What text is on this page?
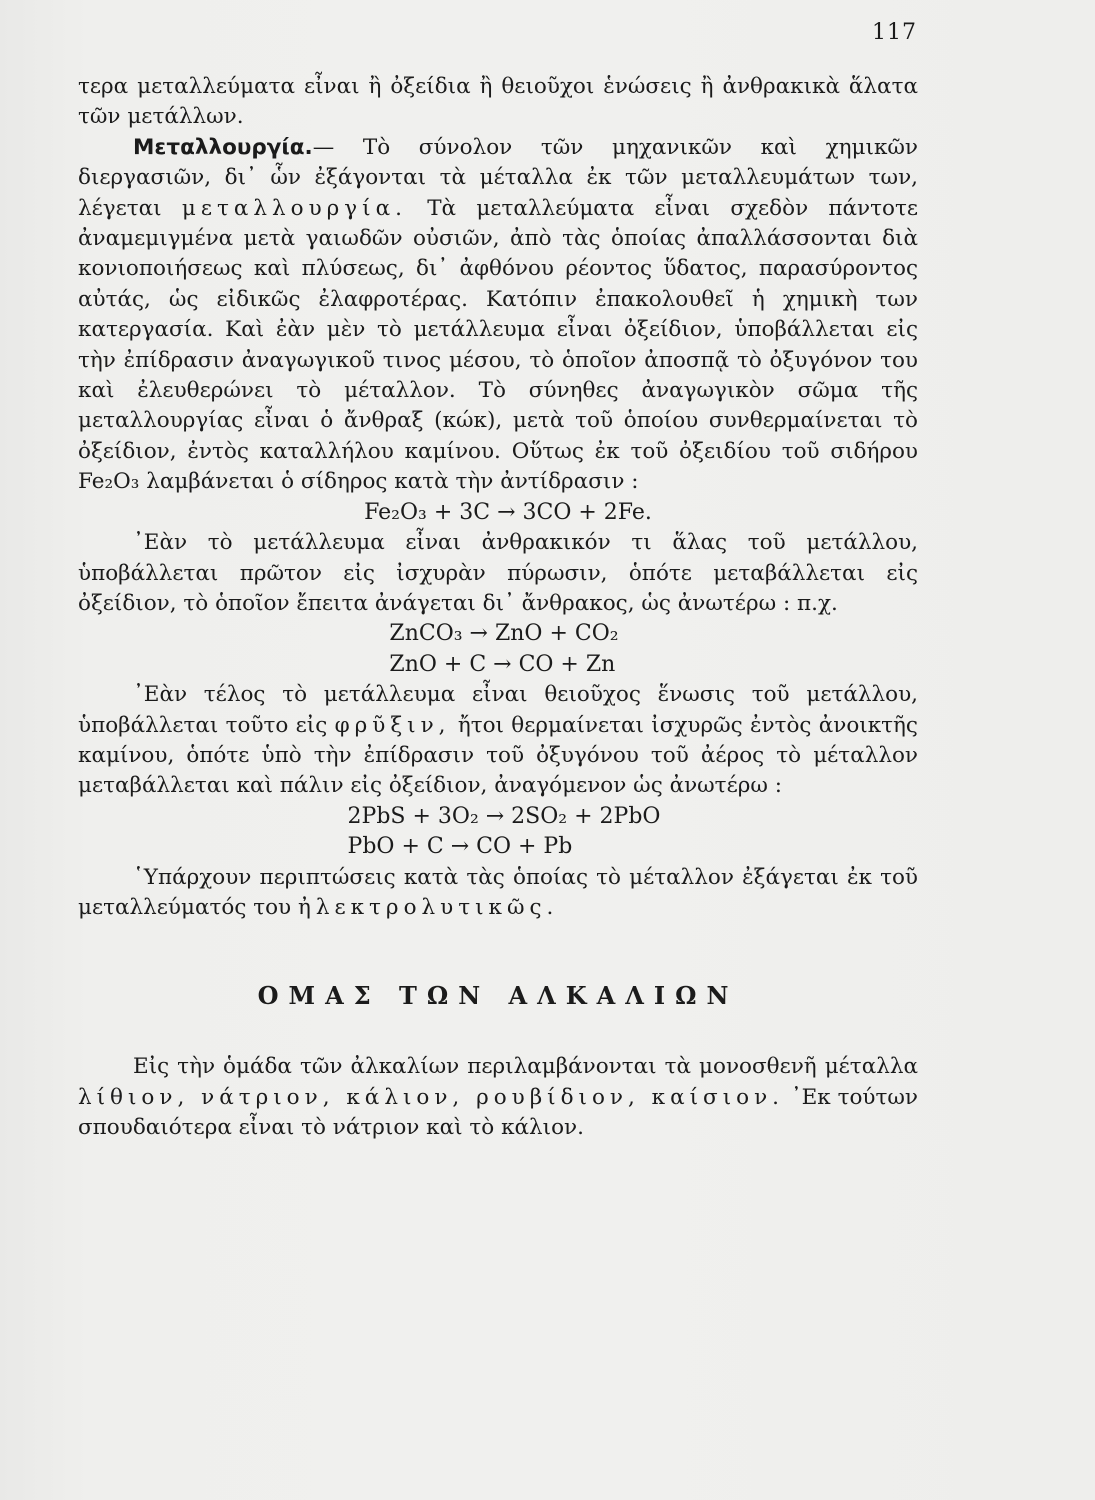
117

τερα μεταλλεύματα εἶναι ἢ ὀξείδια ἢ θειοῦχοι ἑνώσεις ἢ ἀνθρακικὰ ἅλατα τῶν μετάλλων.

Μεταλλουργία.— Τὸ σύνολον τῶν μηχανικῶν καὶ χημικῶν διεργασιῶν, δι᾽ ὧν ἐξάγονται τὰ μέταλλα ἐκ τῶν μεταλλευμάτων των, λέγεται μεταλλουργία. Τὰ μεταλλεύματα εἶναι σχεδὸν πάντοτε ἀναμεμιγμένα μετὰ γαιωδῶν οὐσιῶν, ἀπὸ τὰς ὁποίας ἀπαλλάσσονται διὰ κονιοποιήσεως καὶ πλύσεως, δι᾽ ἀφθόνου ρέοντος ὕδατος, παρασύροντος αὐτάς, ὡς εἰδικῶς ἐλαφροτέρας. Κατόπιν ἐπακολουθεῖ ἡ χημικὴ των κατεργασία. Καὶ ἐὰν μὲν τὸ μετάλλευμα εἶναι ὀξείδιον, ὑποβάλλεται εἰς τὴν ἐπίδρασιν ἀναγωγικοῦ τινος μέσου, τὸ ὁποῖον ἀποσπᾷ τὸ ὀξυγόνον του καὶ ἐλευθερώνει τὸ μέταλλον. Τὸ σύνηθες ἀναγωγικὸν σῶμα τῆς μεταλλουργίας εἶναι ὁ ἄνθραξ (κώκ), μετὰ τοῦ ὁποίου συνθερμαίνεται τὸ ὀξείδιον, ἐντὸς καταλλήλου καμίνου. Οὕτως ἐκ τοῦ ὀξειδίου τοῦ σιδήρου Fe₂O₃ λαμβάνεται ὁ σίδηρος κατὰ τὴν ἀντίδρασιν :

Fe₂O₃ + 3C → 3CO + 2Fe.

᾽Εὰν τὸ μετάλλευμα εἶναι ἀνθρακικόν τι ἅλας τοῦ μετάλλου, ὑποβάλλεται πρῶτον εἰς ἰσχυρὰν πύρωσιν, ὁπότε μεταβάλλεται εἰς ὀξείδιον, τὸ ὁποῖον ἔπειτα ἀνάγεται δι᾽ ἄνθρακος, ὡς ἀνωτέρω : π.χ.

ZnCO₃ → ZnO + CO₂
ZnO + C → CO + Zn

᾽Εὰν τέλος τὸ μετάλλευμα εἶναι θειοῦχος ἕνωσις τοῦ μετάλλου, ὑποβάλλεται τοῦτο εἰς φρῦξιν, ἤτοι θερμαίνεται ἰσχυρῶς ἐντὸς ἀνοικτῆς καμίνου, ὁπότε ὑπὸ τὴν ἐπίδρασιν τοῦ ὀξυγόνου τοῦ ἀέρος τὸ μέταλλον μεταβάλλεται καὶ πάλιν εἰς ὀξείδιον, ἀναγόμενον ὡς ἀνωτέρω :

2PbS + 3O₂ → 2SO₂ + 2PbO
PbO + C → CO + Pb

῾Υπάρχουν περιπτώσεις κατὰ τὰς ὁποίας τὸ μέταλλον ἐξάγεται ἐκ τοῦ μεταλλεύματός του ἠλεκτρολυτικῶς.

ΟΜΑΣ ΤΩΝ ΑΛΚΑΛΙΩΝ

Εἰς τὴν ὁμάδα τῶν ἀλκαλίων περιλαμβάνονται τὰ μονοσθενῆ μέταλλα λίθιον, νάτριον, κάλιον, ρουβίδιον, καίσιον. ᾽Εκ τούτων σπουδαιότερα εἶναι τὸ νάτριον καὶ τὸ κάλιον.
